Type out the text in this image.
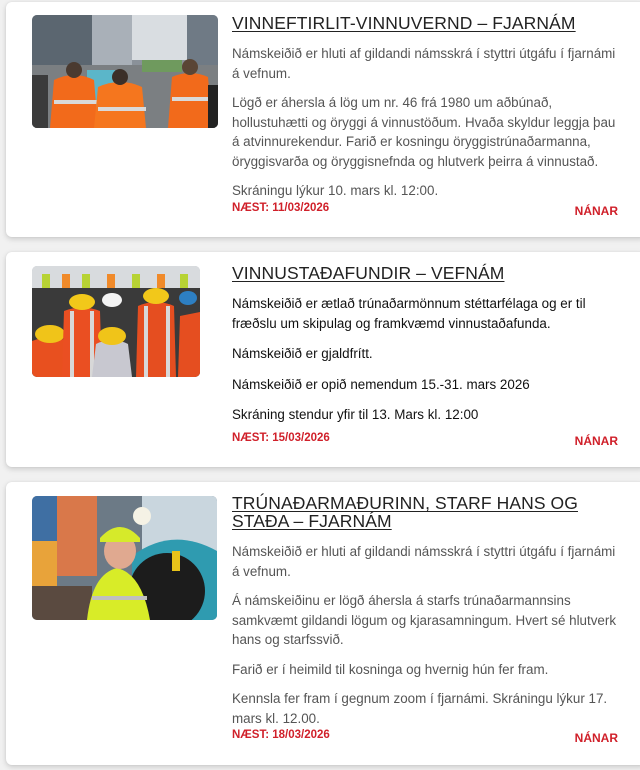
VINNEFTIRLIT-VINNUVERND – FJARNÁM

Námskeiðið er hluti af gildandi námsskrá í styttri útgáfu í fjarnámi á vefnum.

Lögð er áhersla á lög um nr. 46 frá 1980 um aðbúnað, hollustuhætti og öryggi á vinnustöðum. Hvaða skyldur leggja þau á atvinnurekendur. Farið er kosningu öryggistrúnaðarmanna, öryggisvarða og öryggisnefnda og hlutverk þeirra á vinnustað.

Skráningu lýkur 10. mars kl. 12:00.

NÆST: 11/03/2026	NÁNAR
VINNUSTAÐAFUNDIR – VEFNÁM

Námskeiðið er ætlað trúnaðarmönnum stéttarfélaga og er til fræðslu um skipulag og framkvæmd vinnustaðafunda.

Námskeiðið er gjaldfrítt.

Námskeiðið er opið nemendum 15.-31. mars 2026

Skráning stendur yfir til 13. Mars kl. 12:00

NÆST: 15/03/2026	NÁNAR
TRÚNAÐARMAÐURINN, STARF HANS OG STAÐA – FJARNÁM

Námskeiðið er hluti af gildandi námsskrá í styttri útgáfu í fjarnámi á vefnum.

Á námskeiðinu er lögð áhersla á starfs trúnaðarmannsins samkvæmt gildandi lögum og kjarasamningum. Hvert sé hlutverk hans og starfssvið.

Farið er í heimild til kosninga og hvernig hún fer fram.

Kennsla fer fram í gegnum zoom í fjarnámi. Skráningu lýkur 17. mars kl. 12.00.

NÆST: 18/03/2026	NÁNAR
